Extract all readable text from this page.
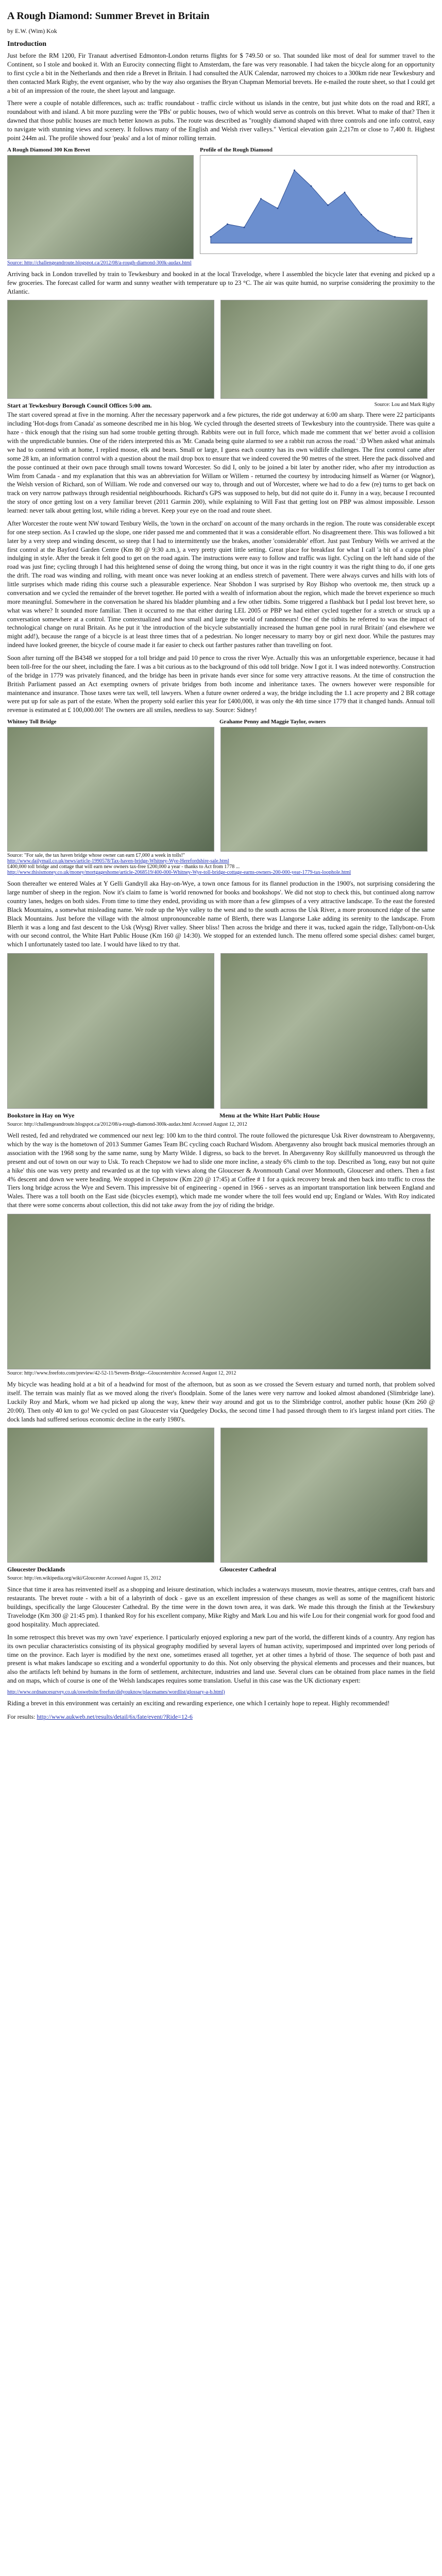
A Rough Diamond: Summer Brevet in Britain
by E.W. (Wim) Kok
Introduction

Just before the RM 1200, Fir Tranaut advertised Edmonton-London returns flights for $ 749.50 or so. That sounded like most of deal for summer travel to the Continent, so I stole and booked it. With an Eurocity connecting flight to Amsterdam, the fare was very reasonable. I had taken the bicycle along for an opportunity to first cycle a bit in the Netherlands and then ride a Brevet in Britain. I had consulted the AUK Calendar, narrowed my choices to a 300km ride near Tewkesbury and then contacted Mark Rigby, the event organiser, who by the way also organises the Bryan Chapman Memorial brevets. He e-mailed the route sheet, so that I could get a bit of an impression of the route, the sheet layout and language.

There were a couple of notable differences, such as: traffic roundabout - traffic circle without us islands in the centre, but just white dots on the road and RRT, a roundabout with and island. A bit more puzzling were the 'PBs' or public houses, two of which would serve as controls on this brevet. What to make of that? Then it dawned that those public houses are much better known as pubs. The route was described as "roughly diamond shaped with three controls and one info control, easy to navigate with stunning views and scenery. It follows many of the English and Welsh river valleys." Vertical elevation gain 2,217m or close to 7,400 ft. Highest point 244m asl. The profile showed four 'peaks' and a lot of minor rolling terrain.

A Rough Diamond 300 Km Brevet	Profile of the Rough Diamond
Source: http://challengeandroute.blogspot.ca/2012/08/a-rough-diamond-300k-audax.html

Arriving back in London travelled by train to Tewkesbury and booked in at the local Travelodge, where I assembled the bicycle later that evening and picked up a few groceries. The forecast called for warm and sunny weather with temperature up to 23 °C. The air was quite humid, no surprise considering the proximity to the Atlantic.

Start at Tewkesbury Borough Council Offices 5:00 am.	Source: Lou and Mark Rigby

The start covered spread at five in the morning. After the necessary paperwork and a few pictures, the ride got underway at 6:00 am sharp. There were 22 participants including 'Hot-dogs from Canada' as someone described me in his blog. We cycled through the deserted streets of Tewkesbury into the countryside. There was quite a haze - thick enough that the rising sun had some trouble getting through. Rabbits were out in full force, which made me comment that we' better avoid a collision with the unpredictable bunnies. One of the riders interpreted this as 'Mr. Canada being quite alarmed to see a rabbit run across the road.' :D When asked what animals we had to contend with at home, I replied moose, elk and bears. Small or large, I guess each country has its own wildlife challenges. The first control came after some 28 km, an information control with a question about the mail drop box to ensure that we indeed covered the 90 metres of the street. Here the pack dissolved and the posse continued at their own pace through small towns toward Worcester. So did I, only to be joined a bit later by another rider, who after my introduction as Wim from Canada - and my explanation that this was an abbreviation for Willam or Willem - returned the courtesy by introducing himself as Warner (or Wagnor), the Welsh version of Richard, son of William. We rode and conversed our way to, through and out of Worcester, where we had to do a few (re) turns to get back on track on very narrow pathways through residential neighbourhoods. Richard's GPS was supposed to help, but did not quite do it. Funny in a way, because I recounted the story of once getting lost on a very familiar brevet (2011 Garmin 200), while explaining to Will Fast that getting lost on PBP was almost impossible. Lesson learned: never talk about getting lost, while riding a brevet. Keep your eye on the road and route sheet.

After Worcester the route went NW toward Tenbury Wells, the 'town in the orchard' on account of the many orchards in the region. The route was considerable except for one steep section. As I crawled up the slope, one rider passed me and commented that it was a considerable effort. No disagreement there. This was followed a bit later by a very steep and winding descent, so steep that I had to intermittently use the brakes, another 'considerable' effort. Just past Tenbury Wells we arrived at the first control at the Bayford Garden Centre (Km 80 @ 9:30 a.m.), a very pretty quiet little setting. Great place for breakfast for what I call 'a bit of a cuppa plus' indulging in style. After the break it felt good to get on the road again. The instructions were easy to follow and traffic was light. Cycling on the left hand side of the road was just fine; cycling through I had this heightened sense of doing the wrong thing, but once it was in the right country it was the right thing to do, if one gets the drift. The road was winding and rolling, with meant once was never looking at an endless stretch of pavement. There were always curves and hills with lots of little surprises which made riding this course such a pleasurable experience. Near Shobdon I was surprised by Roy Bishop who overtook me, then struck up a conversation and we cycled the remainder of the brevet together. He ported with a wealth of information about the region, which made the brevet experience so much more meaningful. Somewhere in the conversation he shared his bladder plumbing and a few other tidbits. Some triggered a flashback but I pedal lost brevet here, so what was where? It sounded more familiar. Then it occurred to me that either during LEL 2005 or PBP we had either cycled together for a stretch or struck up a conversation somewhere at a control. Time contextualized and how small and large the world of randonneurs! One of the tidbits he referred to was the impact of technological change on rural Britain. As he put it 'the introduction of the bicycle substantially increased the human gene pool in rural Britain' (and elsewhere we might add!), because the range of a bicycle is at least three times that of a pedestrian. No longer necessary to marry boy or girl next door. While the pastures may indeed have looked greener, the bicycle of course made it far easier to check out farther pastures rather than travelling on foot.

Soon after turning off the B4348 we stopped for a toll bridge and paid 10 pence to cross the river Wye. Actually this was an unforgettable experience, because it had been toll-free for the our sheet, including the fare. I was a bit curious as to the background of this odd toll bridge. Now I got it. I was indeed noteworthy. Construction of the bridge in 1779 was privately financed, and the bridge has been in private hands ever since for some very attractive reasons. At the time of construction the British Parliament passed an Act exempting owners of private bridges from both income and inheritance taxes. The owners however were responsible for maintenance and insurance. Those taxes were tax well, tell lawyers. When a future owner ordered a way, the bridge including the 1.1 acre property and 2 BR cottage were put up for sale as part of the estate. When the property sold earlier this year for £400,000, it was only the 4th time since 1779 that it changed hands. Annual toll revenue is estimated at £ 100,000.00! The owners are all smiles, needless to say. Source: Sidney!

Whitney Toll Bridge	Grahame Penny and Maggie Taylor, owners
Source: "For sale, the tax haven bridge whose owner can earn £7,000 a week in tolls!"
http://www.dailymail.co.uk/news/article-1990578/Tax-haven-bridge-Whitney-Wye-Herefordshire-sale.html
£400,000 toll bridge and cottage that will earn new owners tax-free £200,000 a year - thanks to Act from 1778 ...
http://www.thisismoney.co.uk/money/mortgageshome/article-2068519/400-000-Whitney-Wye-toll-bridge-cottage-earns-owners-200-000-year-1779-tax-loophole.html

Soon thereafter we entered Wales at Y Gelli Gandryll aka Hay-on-Wye, a town once famous for its flannel production in the 1900's, not surprising considering the large number of sheep in the region. Now it's claim to fame is 'world renowned for books and bookshops'. We did not stop to check this, but continued along narrow country lanes, hedges on both sides. From time to time they ended, providing us with more than a few glimpses of a very attractive landscape. To the east the forested Black Mountains, a somewhat misleading name. We rode up the Wye valley to the west and to the south across the Usk River, a more pronounced ridge of the same Black Mountains. Just before the village with the almost unpronounceable name of Blerth, there was Llangorse Lake adding its serenity to the landscape. From Blerth it was a long and fast descent to the Usk (Wysg) River valley. Sheer bliss! Then across the bridge and there it was, tucked again the ridge, Tallybont-on-Usk with our second control, the White Hart Public House (Km 160 @ 14:30). We stopped for an extended lunch. The menu offered some special dishes: camel burger, which I unfortunately tasted too late. I would have liked to try that.

Bookstore in Hay on Wye	Menu at the White Hart Public House
Source: http://challengeandroute.blogspot.ca/2012/08/a-rough-diamond-300k-audax.html Accessed August 12, 2012

Well rested, fed and rehydrated we commenced our next leg: 100 km to the third control. The route followed the picturesque Usk River downstream to Abergavenny, which by the way is the hometown of 2013 Summer Games Team BC cycling coach Ruchard Wisdom. Abergavenny also brought back musical memories through an association with the 1968 song by the same name, sung by Marty Wilde. I digress, so back to the brevet. In Abergavenny Roy skillfully manoeuvred us through the present and out of town on our way to Usk. To reach Chepstow we had to slide one more incline, a steady 6% climb to the top. Described as 'long, easy but not quite a hike' this one was very pretty and rewarded us at the top with views along the Glouceser & Avonmouth Canal over Monmouth, Glouceser and others. Then a fast 4% descent and down we were heading. We stopped in Chepstow (Km 220 @ 17:45) at Coffee # 1 for a quick recovery break and then back into traffic to cross the Tiers long bridge across the Wye and Severn. This impressive bit of engineering - opened in 1966 - serves as an important transportation link between England and Wales. There was a toll booth on the East side (bicycles exempt), which made me wonder where the toll fees would end up; England or Wales. With Roy indicated that there were some concerns about collection, this did not take away from the joy of riding the bridge.

Source: http://www.freefoto.com/preview/42-52-11/Severn-Bridge--Gloucestershire Accessed August 12, 2012

My bicycle was heading hold at a bit of a headwind for most of the afternoon, but as soon as we crossed the Severn estuary and turned north, that problem solved itself. The terrain was mainly flat as we moved along the river's floodplain. Some of the lanes were very narrow and looked almost abandoned (Slimbridge lane). Luckily Roy and Mark, whom we had picked up along the way, knew their way around and got us to the Slimbridge control, another public house (Km 260 @ 20:00). Then only 40 km to go! We cycled on past Gloucester via Quedgeley Docks, the second time I had passed through them to it's largest inland port cities. The dock lands had suffered serious economic decline in the early 1980's.

Gloucester Docklands	Gloucester Cathedral
Source: http://en.wikipedia.org/wiki/Gloucester Accessed August 15, 2012

Since that time it area has reinvented itself as a shopping and leisure destination, which includes a waterways museum, movie theatres, antique centres, craft bars and restaurants. The brevet route - with a bit of a labyrinth of dock - gave us an excellent impression of these changes as well as some of the magnificent historic buildings, specifically the large Gloucester Cathedral. By the time were in the down town area, it was dark. We made this through the finish at the Tewkesbury Travelodge (Km 300 @ 21:45 pm). I thanked Roy for his excellent company, Mike Rigby and Mark Lou and his wife Lou for their congenial work for good food and good hospitality. Much appreciated.

In some retrospect this brevet was my own 'rave' experience. I particularly enjoyed exploring a new part of the world, the different kinds of a country. Any region has its own peculiar characteristics consisting of its physical geography modified by several layers of human activity, superimposed and imprinted over long periods of time on the province. Each layer is modified by the next one, sometimes erased all together, yet at other times a hybrid of those. The sequence of both past and present is what makes landscape so exciting and a wonderful opportunity to do this. Not only observing the physical elements and processes and their nuances, but also the artifacts left behind by humans in the form of settlement, architecture, industries and land use. Several clues can be obtained from place names in the field and on maps, which of course is one of the Welsh landscapes requires some translation. Useful in this case was the UK dictionary expert:

http://www.ordnancesurvey.co.uk/oswebsite/freefun/didyouknow/placenames/wordlist/glossary-a-b.html)

Riding a brevet in this environment was certainly an exciting and rewarding experience, one which I certainly hope to repeat. Highly recommended!

For results: http://www.aukweb.net/results/detail/6x/fate/event/?Ride=12-6
